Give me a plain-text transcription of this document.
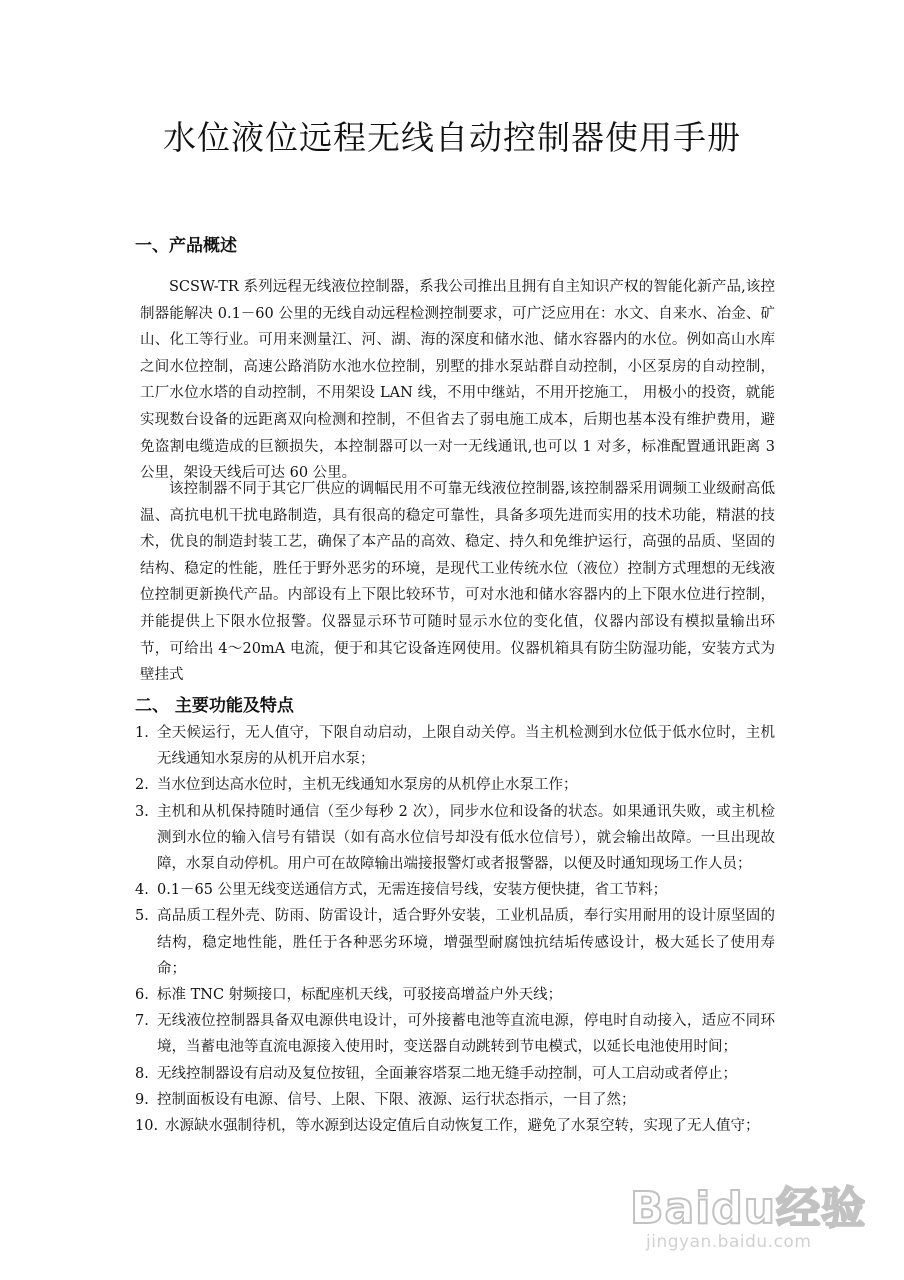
水位液位远程无线自动控制器使用手册
一、产品概述

SCSW-TR 系列远程无线液位控制器，系我公司推出且拥有自主知识产权的智能化新产品,该控制器能解决 0.1－60 公里的无线自动远程检测控制要求，可广泛应用在：水文、自来水、冶金、矿山、化工等行业。可用来测量江、河、湖、海的深度和储水池、储水容器内的水位。例如高山水库之间水位控制，高速公路消防水池水位控制，别墅的排水泵站群自动控制，小区泵房的自动控制，工厂水位水塔的自动控制，不用架设 LAN 线，不用中继站，不用开挖施工， 用极小的投资，就能实现数台设备的远距离双向检测和控制，不但省去了弱电施工成本，后期也基本没有维护费用，避免盗割电缆造成的巨额损失，本控制器可以一对一无线通讯,也可以 1 对多，标准配置通讯距离 3 公里，架设天线后可达 60 公里。

该控制器不同于其它厂供应的调幅民用不可靠无线液位控制器,该控制器采用调频工业级耐高低温、高抗电机干扰电路制造，具有很高的稳定可靠性，具备多项先进而实用的技术功能，精湛的技术，优良的制造封装工艺，确保了本产品的高效、稳定、持久和免维护运行，高强的品质、坚固的结构、稳定的性能，胜任于野外恶劣的环境，是现代工业传统水位（液位）控制方式理想的无线液位控制更新换代产品。内部设有上下限比较环节，可对水池和储水容器内的上下限水位进行控制，并能提供上下限水位报警。仪器显示环节可随时显示水位的变化值，仪器内部设有模拟量输出环节，可给出 4～20mA 电流，便于和其它设备连网使用。仪器机箱具有防尘防湿功能，安装方式为壁挂式

二、 主要功能及特点
1. 全天候运行，无人值守，下限自动启动，上限自动关停。当主机检测到水位低于低水位时，主机无线通知水泵房的从机开启水泵；
2. 当水位到达高水位时，主机无线通知水泵房的从机停止水泵工作；
3. 主机和从机保持随时通信（至少每秒 2 次），同步水位和设备的状态。如果通讯失败，或主机检测到水位的输入信号有错误（如有高水位信号却没有低水位信号），就会输出故障。一旦出现故障，水泵自动停机。用户可在故障输出端接报警灯或者报警器，以便及时通知现场工作人员；
4. 0.1－65 公里无线变送通信方式，无需连接信号线，安装方便快捷，省工节料；
5. 高品质工程外壳、防雨、防雷设计，适合野外安装，工业机品质，奉行实用耐用的设计原坚固的结构，稳定地性能，胜任于各种恶劣环境，增强型耐腐蚀抗结垢传感设计，极大延长了使用寿命；
6. 标准 TNC 射频接口，标配座机天线，可驳接高增益户外天线；
7. 无线液位控制器具备双电源供电设计，可外接蓄电池等直流电源，停电时自动接入，适应不同环境，当蓄电池等直流电源接入使用时，变送器自动跳转到节电模式，以延长电池使用时间；
8. 无线控制器设有启动及复位按钮，全面兼容塔泵二地无缝手动控制，可人工启动或者停止；
9. 控制面板设有电源、信号、上限、下限、液源、运行状态指示，一目了然；
10. 水源缺水强制待机，等水源到达设定值后自动恢复工作，避免了水泵空转，实现了无人值守；
Baidu经验
jingyan.baidu.com
